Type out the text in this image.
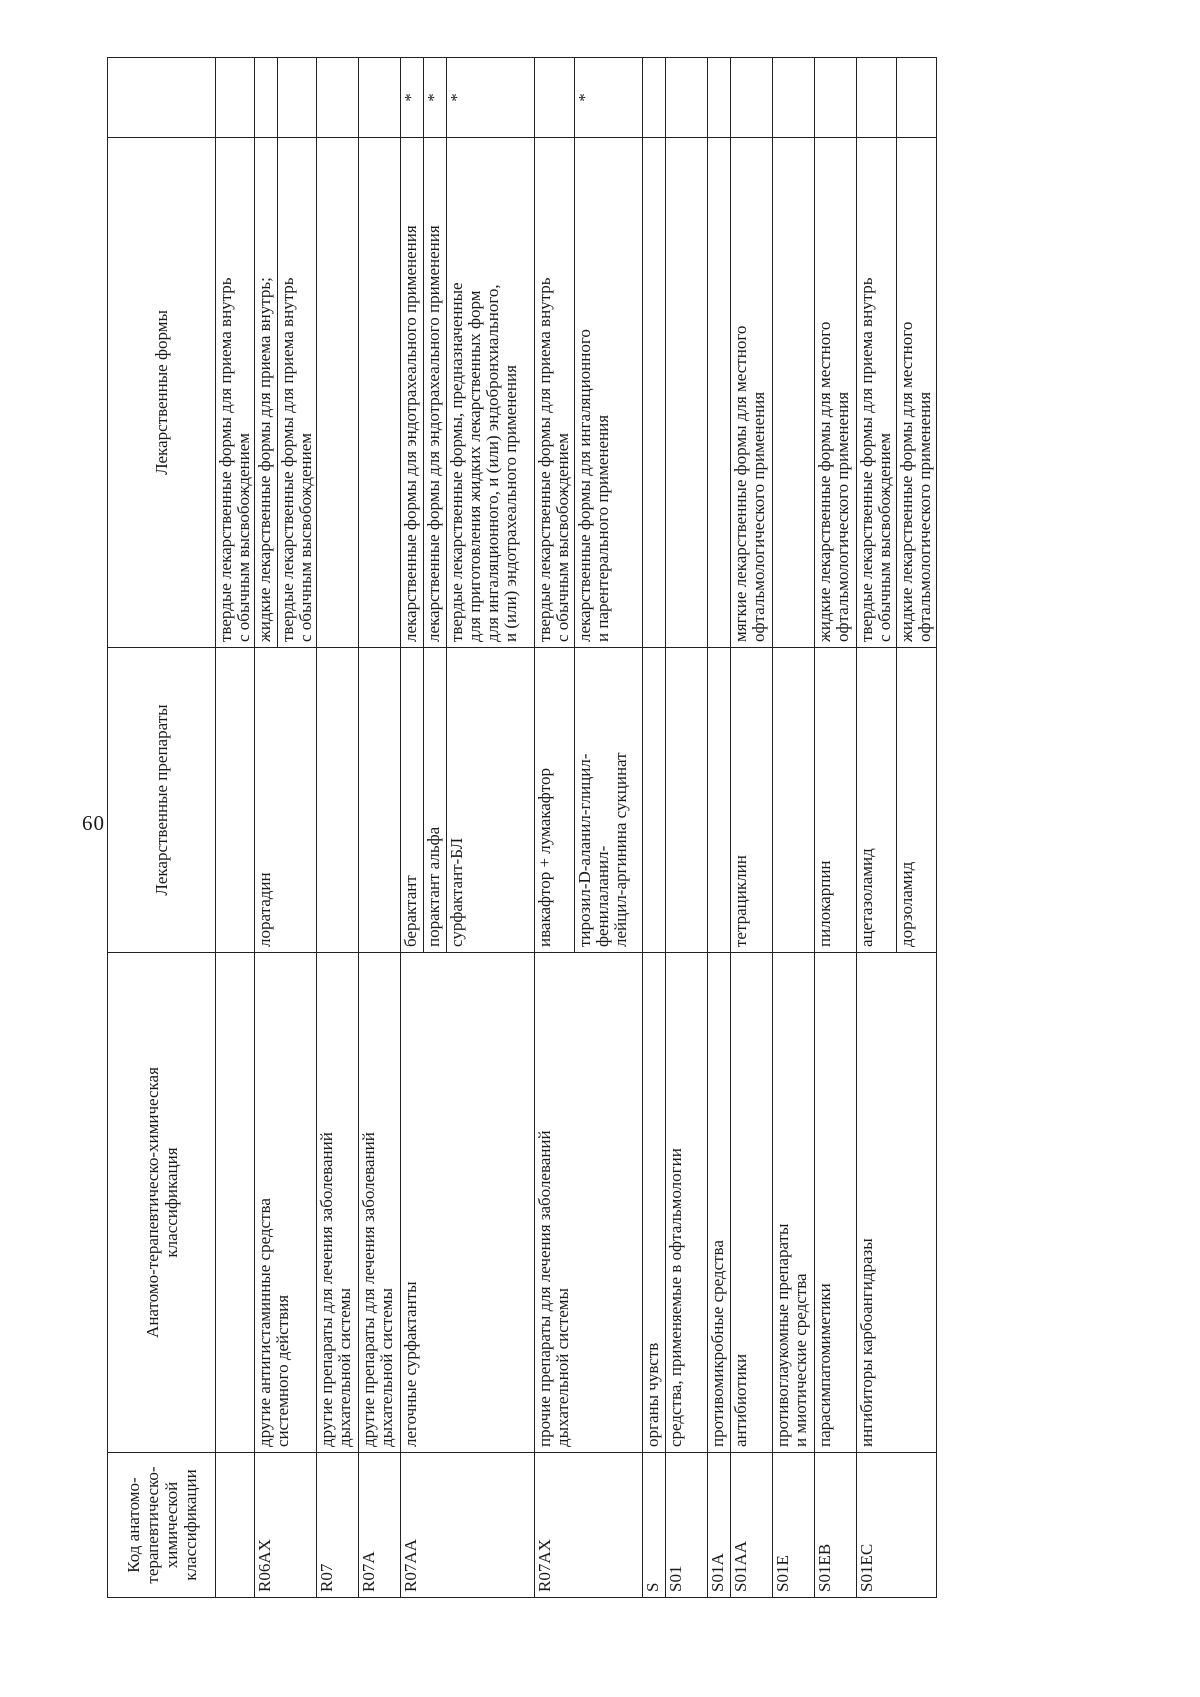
60
Код анатомо-
терапевтическо-
химической
классификации	Анатомо-терапевтическо-химическая
классификация	Лекарственные препараты	Лекарственные формы	

			твердые лекарственные формы для приема внутрь
с обычным высвобождением	

R06AX	другие антигистаминные средства
системного действия	лоратадин	жидкие лекарственные формы для приема внутрь;	

			твердые лекарственные формы для приема внутрь
с обычным высвобождением	

R07	другие препараты для лечения заболеваний
дыхательной системы			

R07A	другие препараты для лечения заболеваний
дыхательной системы			

R07AA	легочные сурфактанты	берактант	лекарственные формы для эндотрахеального применения	*

		порактант альфа	лекарственные формы для эндотрахеального применения	*

		сурфактант-БЛ	твердые лекарственные формы, предназначенные
для приготовления жидких лекарственных форм
для ингаляционного, и (или) эндобронхиального,
и (или) эндотрахеального применения	*

R07AX	прочие препараты для лечения заболеваний
дыхательной системы	ивакафтор + лумакафтор	твердые лекарственные формы для приема внутрь
с обычным высвобождением	

		тирозил-D-аланил-глицил-фенилаланил-
лейцил-аргинина сукцинат	лекарственные формы для ингаляционного
и парентерального применения	*

S	органы чувств			

S01	средства, применяемые в офтальмологии			

S01A	противомикробные средства			

S01AA	антибиотики	тетрациклин	мягкие лекарственные формы для местного
офтальмологического применения	

S01E	противоглаукомные препараты
и миотические средства			

S01EB	парасимпатомиметики	пилокарпин	жидкие лекарственные формы для местного
офтальмологического применения	

S01EC	ингибиторы карбоангидразы	ацетазоламид	твердые лекарственные формы для приема внутрь
с обычным высвобождением	

		дорзоламид	жидкие лекарственные формы для местного
офтальмологического применения	
